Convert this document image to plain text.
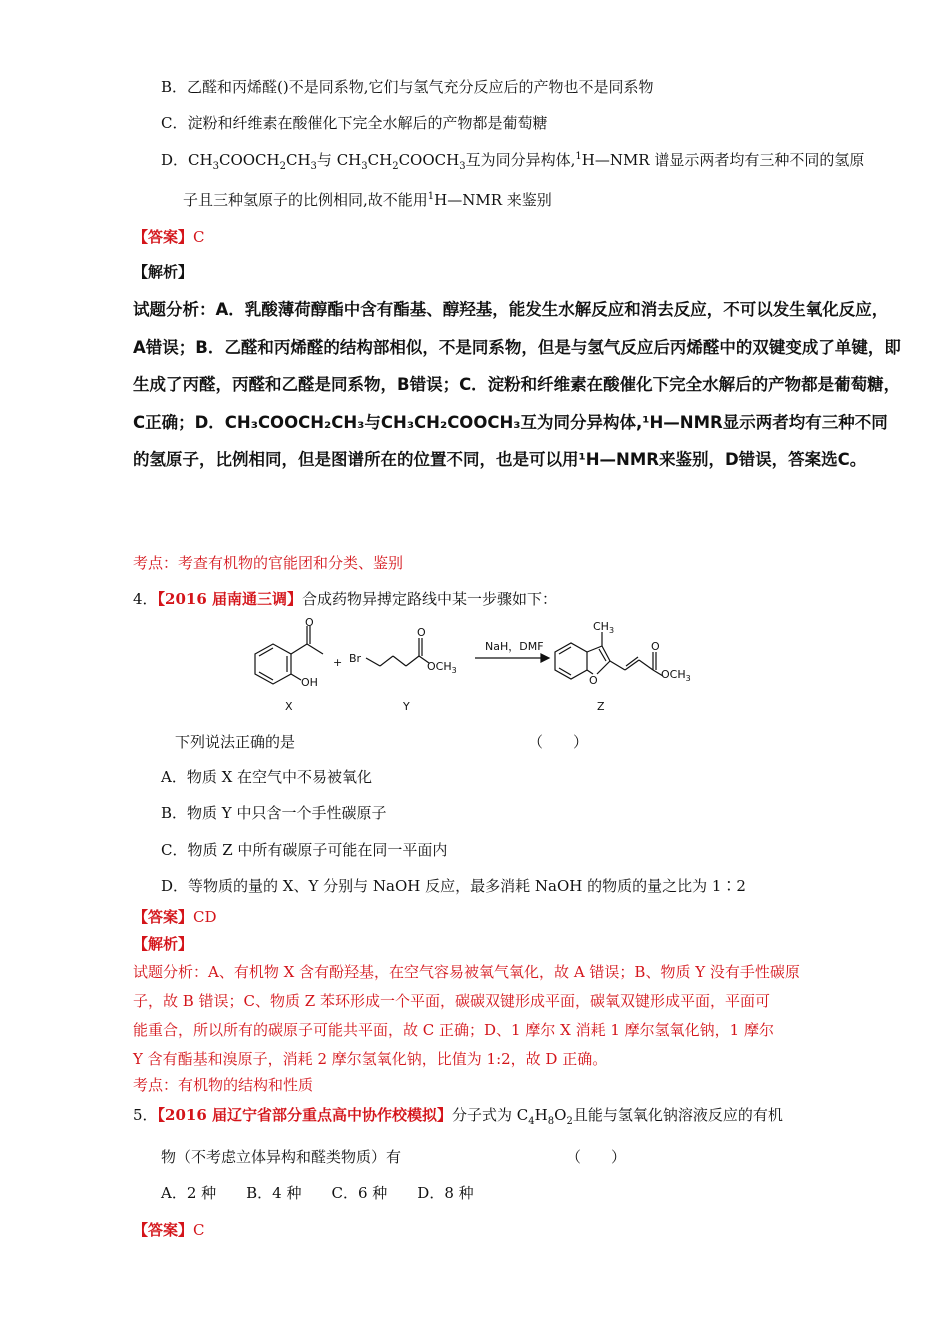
B．乙醛和丙烯醛()不是同系物,它们与氢气充分反应后的产物也不是同系物
C．淀粉和纤维素在酸催化下完全水解后的产物都是葡萄糖
D．$CH_3COOCH_2CH_3$与 $CH_3CH_2COOCH_3$互为同分异构体,$^1$H—NMR 谱显示两者均有三种不同的氢原
子且三种氢原子的比例相同,故不能用$^1$H—NMR 来鉴别
【答案】C
【解析】
试题分析：A．乳酸薄荷醇酯中含有酯基、醇羟基，能发生水解反应和消去反应，不可以发生氧化反应，A错误；B．乙醛和丙烯醛的结构部相似，不是同系物，但是与氢气反应后丙烯醛中的双键变成了单键，即生成了丙醛，丙醛和乙醛是同系物，B错误；C．淀粉和纤维素在酸催化下完全水解后的产物都是葡萄糖，C正确；D．CH₃COOCH₂CH₃与CH₃CH₂COOCH₃互为同分异构体,¹H—NMR显示两者均有三种不同的氢原子，比例相同，但是图谱所在的位置不同，也是可以用¹H—NMR来鉴别，D错误，答案选C。
考点：考查有机物的官能团和分类、鉴别
4．【2016 届南通三调】合成药物异搏定路线中某一步骤如下：
O
OH
X
+ Br
O
$OCH_3$
Y
NaH，DMF
$CH_3$
O
O
$OCH_3$
Z
下列说法正确的是	（　　）
A．物质 X 在空气中不易被氧化
B．物质 Y 中只含一个手性碳原子
C．物质 Z 中所有碳原子可能在同一平面内
D．等物质的量的 X、Y 分别与 NaOH 反应，最多消耗 NaOH 的物质的量之比为 1∶2
【答案】CD
【解析】
试题分析：A、有机物 X 含有酚羟基，在空气容易被氧气氧化，故 A 错误；B、物质 Y 没有手性碳原
子，故 B 错误；C、物质 Z 苯环形成一个平面，碳碳双键形成平面，碳氧双键形成平面，平面可
能重合，所以所有的碳原子可能共平面，故 C 正确；D、1 摩尔 X 消耗 1 摩尔氢氧化钠，1 摩尔
Y 含有酯基和溴原子，消耗 2 摩尔氢氧化钠，比值为 1:2，故 D 正确。
考点：有机物的结构和性质
5．【2016 届辽宁省部分重点高中协作校模拟】分子式为 $C_4H_8O_2$且能与氢氧化钠溶液反应的有机
物（不考虑立体异构和醛类物质）有	（　　）
A．2 种 B．4 种 C．6 种 D．8 种
【答案】C
